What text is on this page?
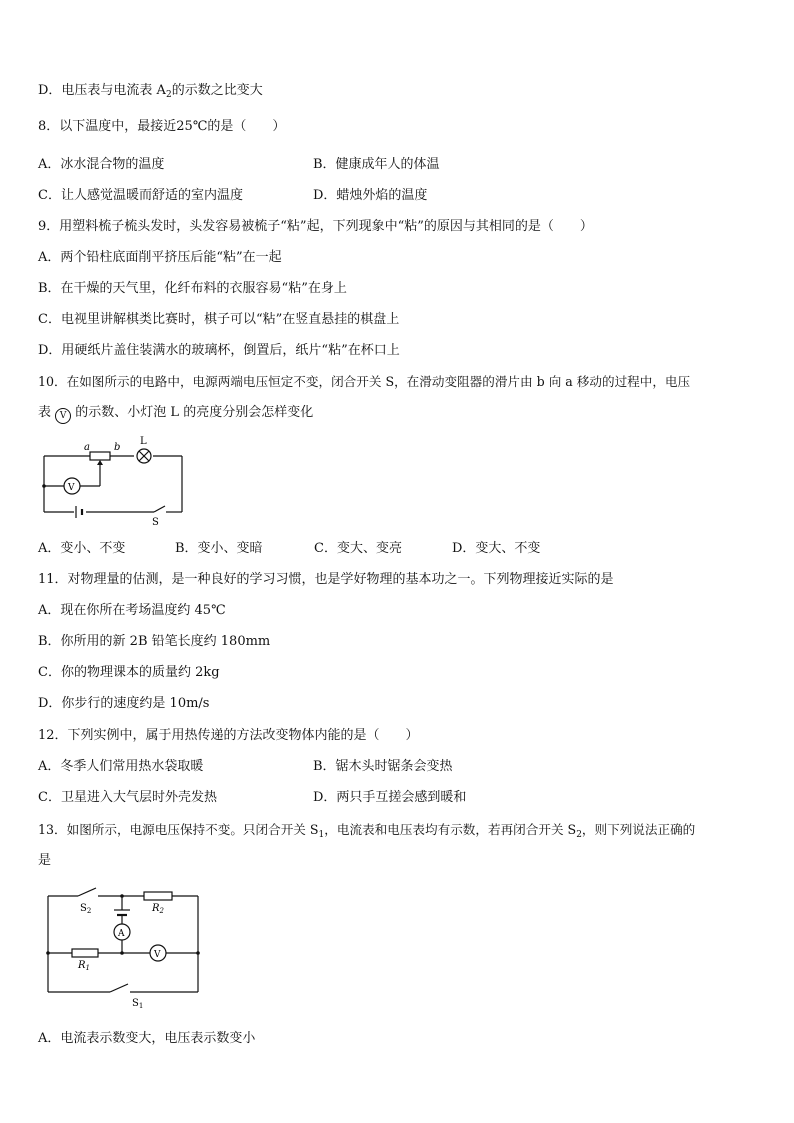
D．电压表与电流表 $A_2$的示数之比变大
8．以下温度中，最接近25℃的是（　　）
A．冰水混合物的温度	B．健康成年人的体温
C．让人感觉温暖而舒适的室内温度	D．蜡烛外焰的温度
9．用塑料梳子梳头发时，头发容易被梳子“粘”起，下列现象中“粘”的原因与其相同的是（　　）
A．两个铅柱底面削平挤压后能“粘”在一起
B．在干燥的天气里，化纤布料的衣服容易“粘”在身上
C．电视里讲解棋类比赛时，棋子可以“粘”在竖直悬挂的棋盘上
D．用硬纸片盖住装满水的玻璃杯，倒置后，纸片“粘”在杯口上
10．在如图所示的电路中，电源两端电压恒定不变，闭合开关 S，在滑动变阻器的滑片由 b 向 a 移动的过程中，电压
表 V 的示数、小灯泡 L 的亮度分别会怎样变化
a b
L
V
S
A．变小、不变	B．变小、变暗	C．变大、变亮	D．变大、不变
11．对物理量的估测，是一种良好的学习习惯，也是学好物理的基本功之一。下列物理接近实际的是
A．现在你所在考场温度约 45℃
B．你所用的新 2B 铅笔长度约 180mm
C．你的物理课本的质量约 2kg
D．你步行的速度约是 10m/s
12．下列实例中，属于用热传递的方法改变物体内能的是（　　）
A．冬季人们常用热水袋取暖	B．锯木头时锯条会变热
C．卫星进入大气层时外壳发热	D．两只手互搓会感到暖和
13．如图所示，电源电压保持不变。只闭合开关 $S_1$，电流表和电压表均有示数，若再闭合开关 $S_2$，则下列说法正确的
是
$S_2$	$R_2$
A
V
$R_1$
$S_1$
A．电流表示数变大，电压表示数变小
